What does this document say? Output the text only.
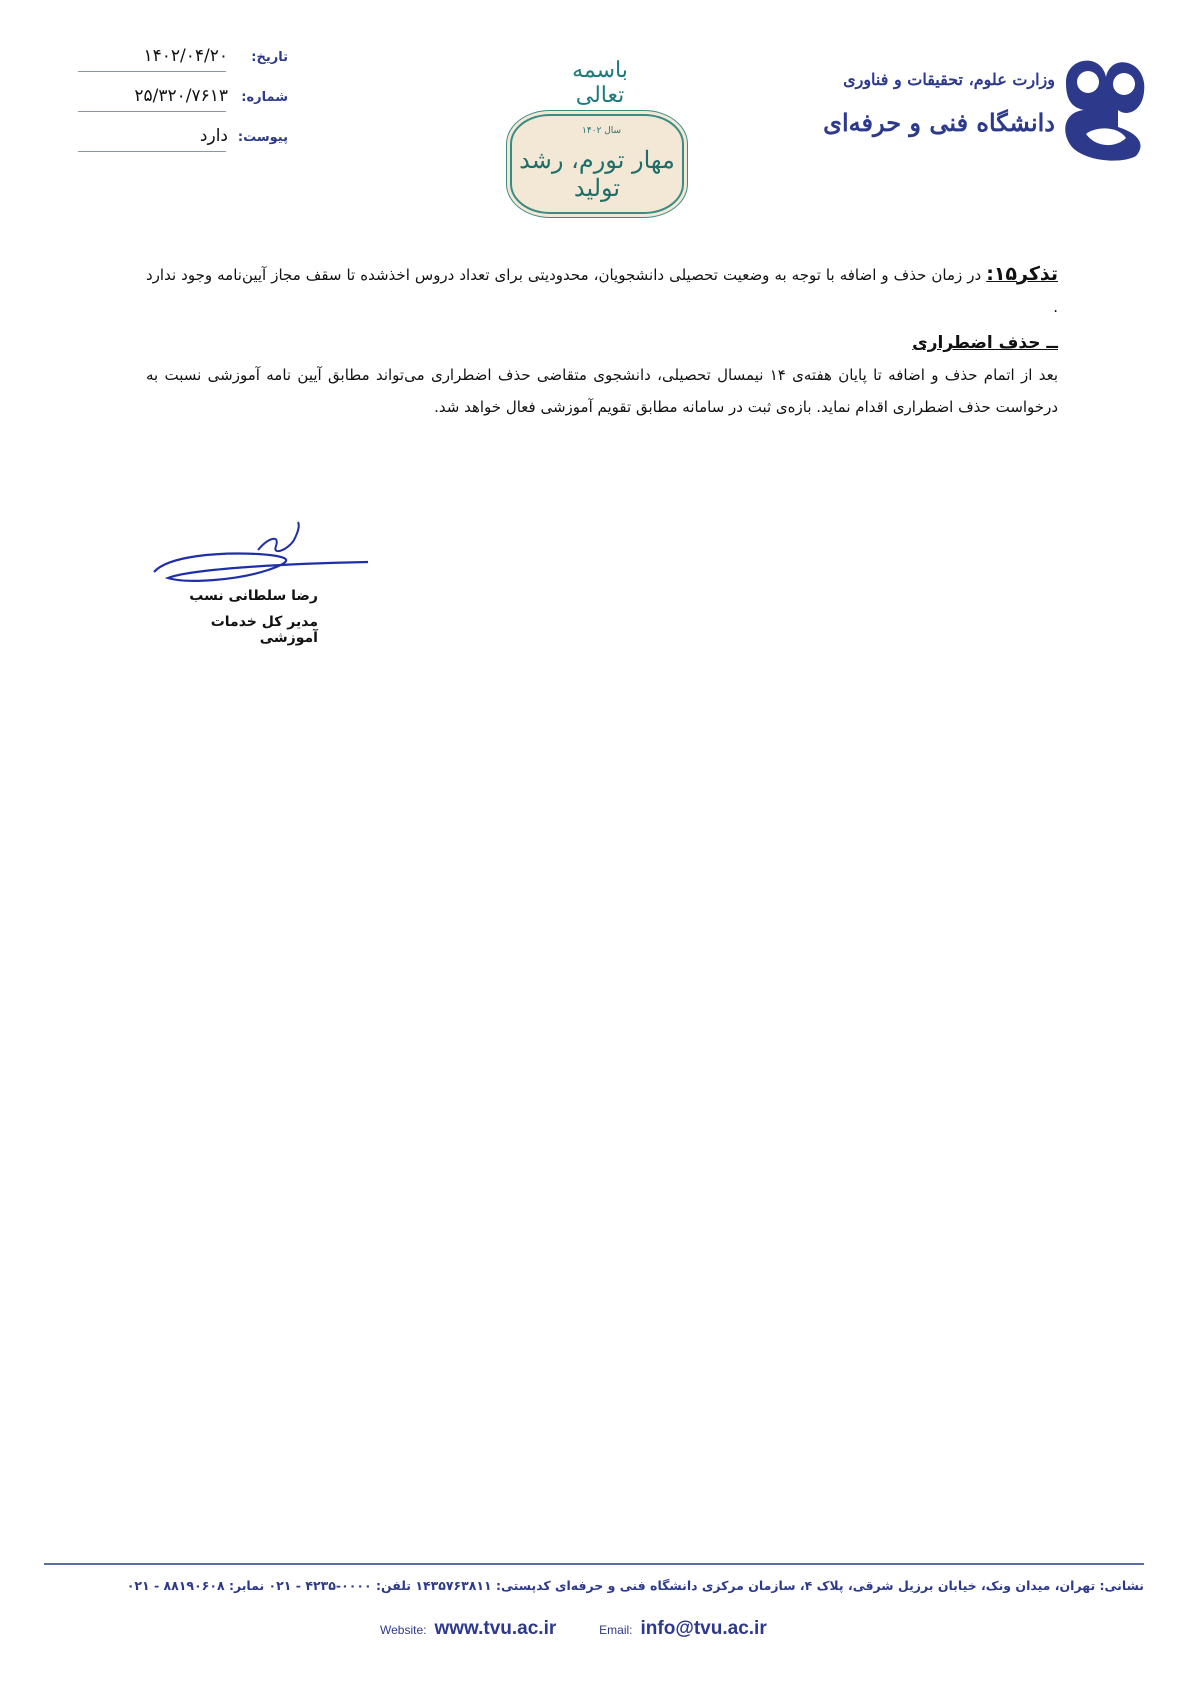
تاریخ:
۱۴۰۲/۰۴/۲۰
شماره:
۲۵/۳۲۰/۷۶۱۳
پیوست:
دارد
باسمه تعالی
سال ۱۴۰۲
مهار تورم، رشد تولید
وزارت علوم، تحقیقات و فناوری
دانشگاه فنی و حرفه‌ای
تذکر۱۵: در زمان حذف و اضافه با توجه به وضعیت تحصیلی دانشجویان، محدودیتی برای تعداد دروس اخذشده تا سقف مجاز آیین‌نامه وجود ندارد .
ــ حذف اضطراری
بعد از اتمام حذف و اضافه تا پایان هفته‌ی ۱۴ نیمسال تحصیلی، دانشجوی متقاضی حذف اضطراری می‌تواند مطابق آیین نامه آموزشی نسبت به درخواست حذف اضطراری اقدام نماید. بازه‌ی ثبت در سامانه مطابق تقویم آموزشی فعال خواهد شد.
رضا سلطانی نسب
مدیر کل خدمات آموزشی
نشانی: تهران، میدان ونک، خیابان برزیل شرقی، پلاک ۴، سازمان مرکزی دانشگاه فنی و حرفه‌ای کدپستی: ۱۴۳۵۷۶۳۸۱۱ تلفن: ۰۰۰۰-۴۲۳۵ - ۰۲۱ نمابر: ۸۸۱۹۰۶۰۸ - ۰۲۱
Website: www.tvu.ac.ir	Email: info@tvu.ac.ir
